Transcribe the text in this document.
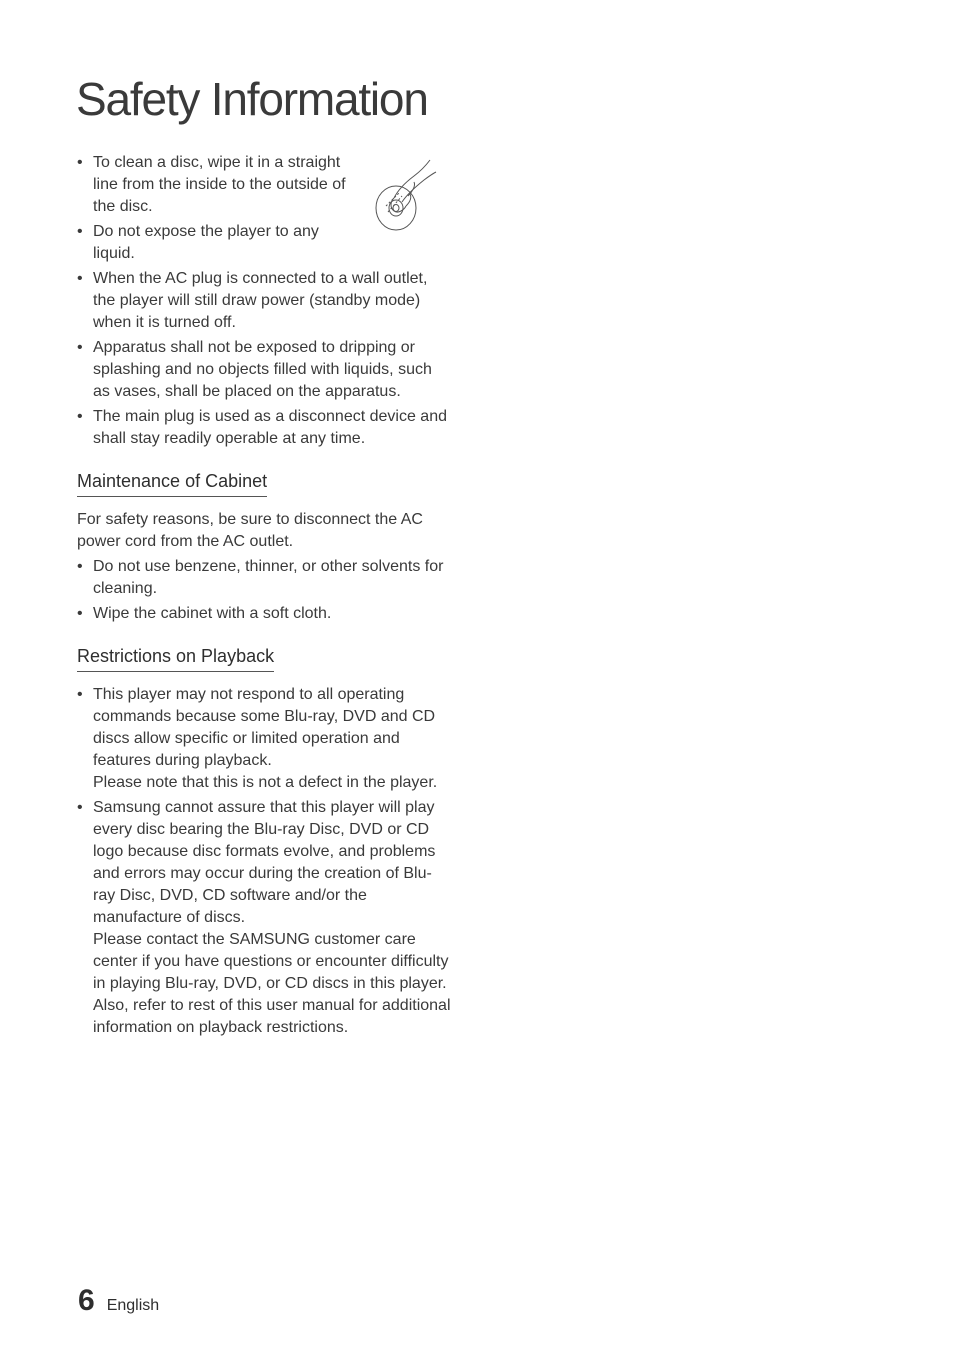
Safety Information
• To clean a disc, wipe it in a straight line from the inside to the outside of the disc.
• Do not expose the player to any liquid.
• When the AC plug is connected to a wall outlet, the player will still draw power (standby mode) when it is turned off.
• Apparatus shall not be exposed to dripping or splashing and no objects filled with liquids, such as vases, shall be placed on the apparatus.
• The main plug is used as a disconnect device and shall stay readily operable at any time.
Maintenance of Cabinet

For safety reasons, be sure to disconnect the AC power cord from the AC outlet.

• Do not use benzene, thinner, or other solvents for cleaning.
• Wipe the cabinet with a soft cloth.
Restrictions on Playback
• This player may not respond to all operating commands because some Blu-ray, DVD and CD discs allow specific or limited operation and features during playback.
Please note that this is not a defect in the player.
• Samsung cannot assure that this player will play every disc bearing the Blu-ray Disc, DVD or CD logo because disc formats evolve, and problems and errors may occur during the creation of Blu-ray Disc, DVD, CD software and/or the manufacture of discs.
Please contact the SAMSUNG customer care center if you have questions or encounter difficulty in playing Blu-ray, DVD, or CD discs in this player. Also, refer to rest of this user manual for additional information on playback restrictions.
6 English
